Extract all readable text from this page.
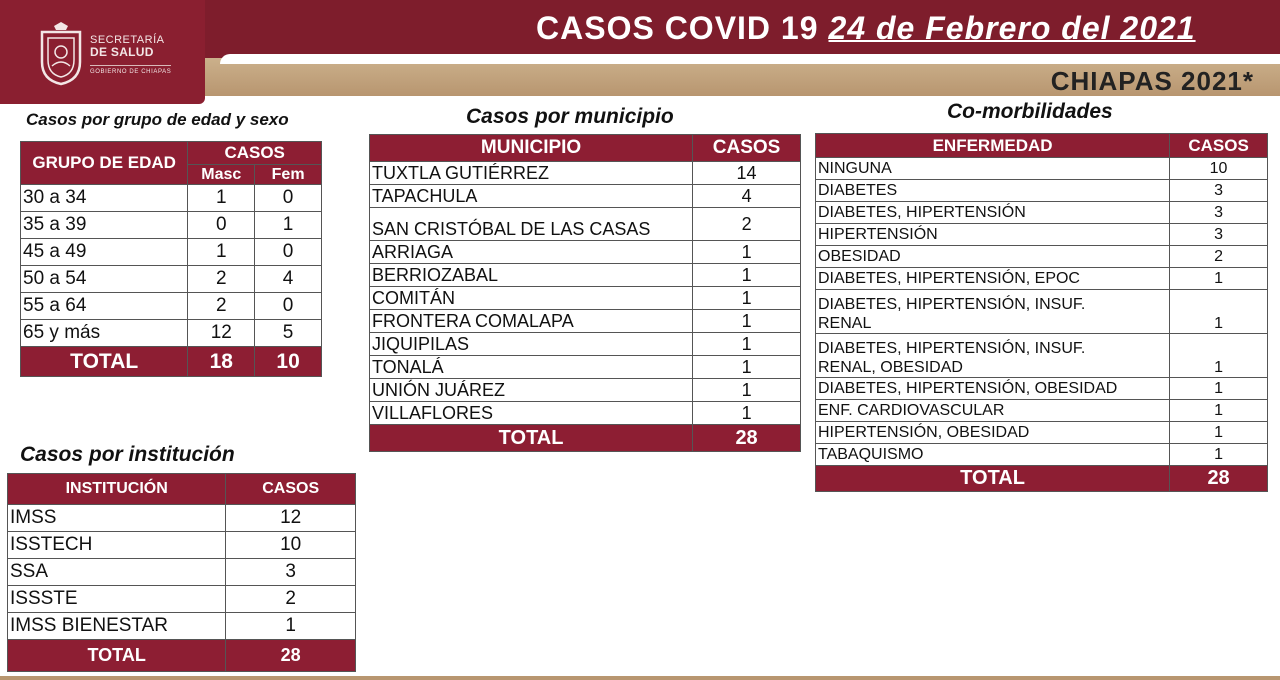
SECRETARÍA
DE SALUD
GOBIERNO DE CHIAPAS
CASOS COVID 19 24 de Febrero del 2021
CHIAPAS 2021*
Casos por grupo de edad y sexo
GRUPO DE EDAD	CASOS	
	Masc	Fem
30 a 34	1	0
35 a 39	0	1
45 a 49	1	0
50 a 54	2	4
55 a 64	2	0
65 y más	12	5
TOTAL	18	10
Casos por municipio
MUNICIPIO	CASOS
TUXTLA GUTIÉRREZ	14
TAPACHULA	4
SAN CRISTÓBAL DE LAS CASAS	2
ARRIAGA	1
BERRIOZABAL	1
COMITÁN	1
FRONTERA COMALAPA	1
JIQUIPILAS	1
TONALÁ	1
UNIÓN JUÁREZ	1
VILLAFLORES	1
TOTAL	28
Co-morbilidades
ENFERMEDAD	CASOS
NINGUNA	10
DIABETES	3
DIABETES, HIPERTENSIÓN	3
HIPERTENSIÓN	3
OBESIDAD	2
DIABETES, HIPERTENSIÓN, EPOC	1
DIABETES, HIPERTENSIÓN, INSUF.
RENAL	1
DIABETES, HIPERTENSIÓN, INSUF.
RENAL, OBESIDAD	1
DIABETES, HIPERTENSIÓN, OBESIDAD	1
ENF. CARDIOVASCULAR	1
HIPERTENSIÓN, OBESIDAD	1
TABAQUISMO	1
TOTAL	28
Casos por institución
INSTITUCIÓN	CASOS
IMSS	12
ISSTECH	10
SSA	3
ISSSTE	2
IMSS BIENESTAR	1
TOTAL	28
